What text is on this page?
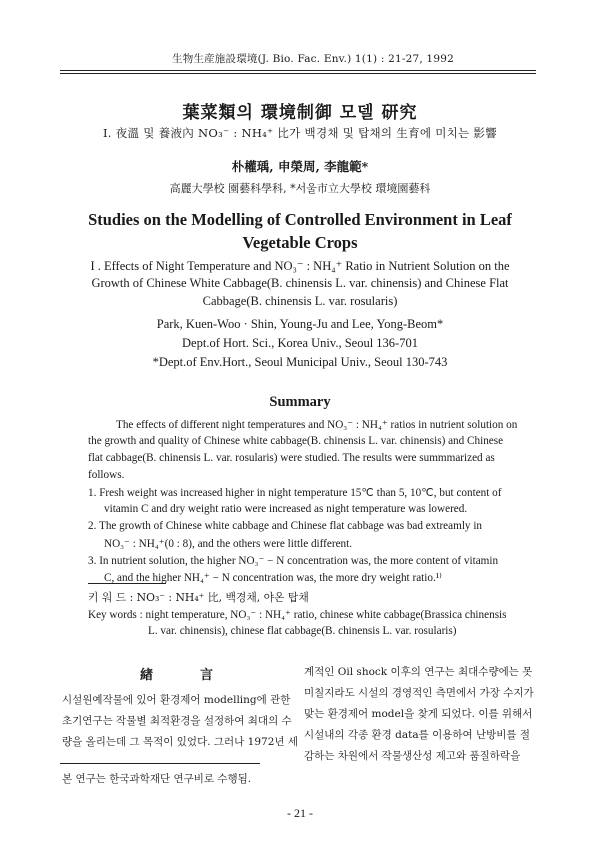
生物生産施設環境(J. Bio. Fac. Env.) 1(1) : 21-27, 1992
葉菜類의 環境制御 모델 研究
I. 夜溫 및 養液內 NO₃⁻ : NH₄⁺ 比가 백경채 및 탑채의 生育에 미치는 影響
朴權瑀, 申榮周, 李龍範*
高麗大學校 園藝科學科, *서울市立大學校 環境園藝科
Studies on the Modelling of Controlled Environment in Leaf
Vegetable Crops
I . Effects of Night Temperature and NO₃⁻ : NH₄⁺ Ratio in Nutrient Solution on the
Growth of Chinese White Cabbage(B. chinensis L. var. chinensis) and Chinese Flat
Cabbage(B. chinensis L. var. rosularis)
Park, Kuen-Woo · Shin, Young-Ju and Lee, Yong-Beom*
Dept.of Hort. Sci., Korea Univ., Seoul 136-701
*Dept.of Env.Hort., Seoul Municipal Univ., Seoul 130-743
Summary
The effects of different night temperatures and NO₃⁻ : NH₄⁺ ratios in nutrient solution on
the growth and quality of Chinese white cabbage(B. chinensis L. var. chinensis) and Chinese
flat cabbage(B. chinensis L. var. rosularis) were studied. The results were summmarized as
follows.
1. Fresh weight was increased higher in night temperature 15℃ than 5, 10℃, but content of
vitamin C and dry weight ratio were increased as night temperature was lowered.
2. The growth of Chinese white cabbage and Chinese flat cabbage was bad extreamly in
NO₃⁻ : NH₄⁺(0 : 8), and the others were little different.
3. In nutrient solution, the higher NO₃⁻ − N concentration was, the more content of vitamin
C, and the higher NH₄⁺ − N concentration was, the more dry weight ratio.¹⁾
키 워 드 : NO₃⁻ : NH₄⁺ 比, 백경채, 야온 탑채
Key words : night temperature, NO₃⁻ : NH₄⁺ ratio, chinese white cabbage(Brassica chinensis
L. var. chinensis), chinese flat cabbage(B. chinensis L. var. rosularis)
緖	言
시설원예작물에 있어 환경제어 modelling에 관한
초기연구는 작물별 최적환경을 설정하여 최대의 수
량을 올리는데 그 목적이 있었다. 그러나 1972년 세
계적인 Oil shock 이후의 연구는 최대수량에는 못
미칠지라도 시설의 경영적인 측면에서 가장 수지가
맞는 환경제어 model을 찾게 되었다. 이를 위해서
시설내의 각종 환경 data를 이용하여 난방비를 절
감하는 차원에서 작물생산성 제고와 품질하락을
본 연구는 한국과학재단 연구비로 수행됨.
- 21 -
